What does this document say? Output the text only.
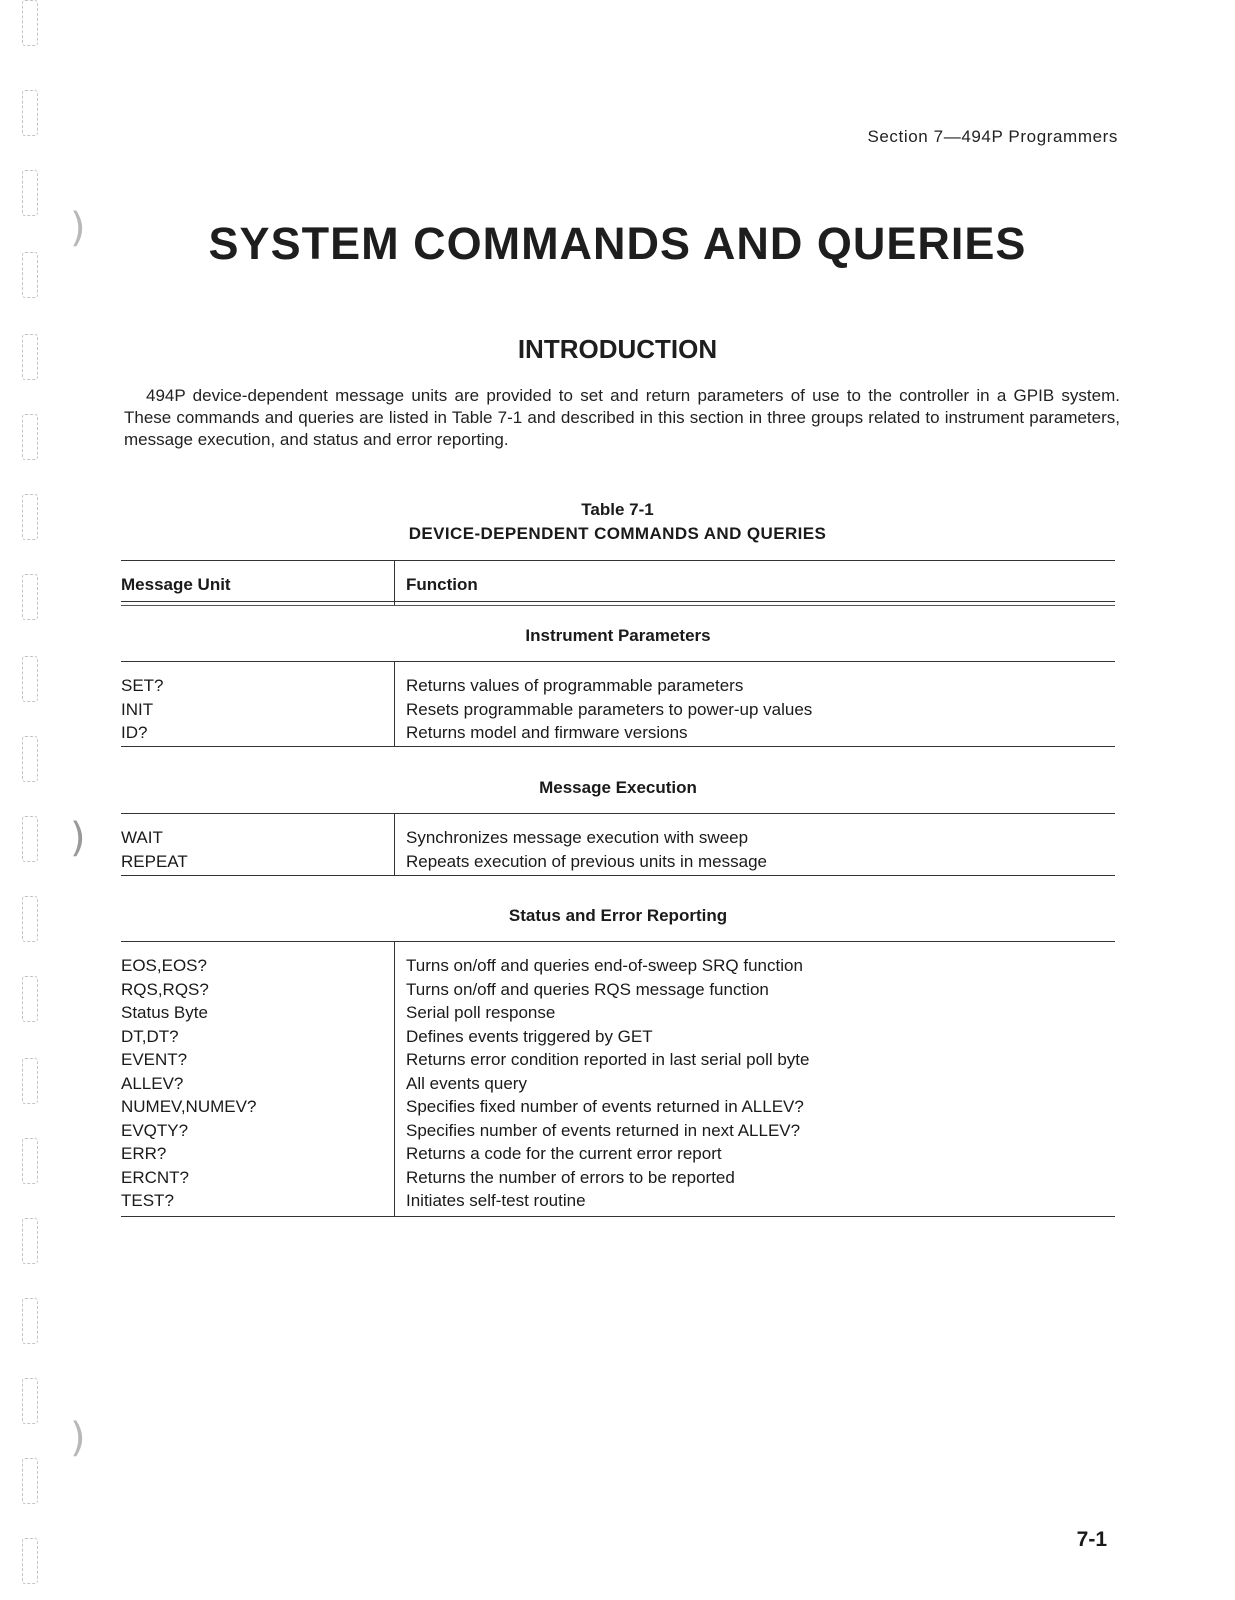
)
)
)
Section 7—494P Programmers
SYSTEM COMMANDS AND QUERIES
INTRODUCTION
494P device-dependent message units are provided to set and return parameters of use to the controller in a GPIB system. These commands and queries are listed in Table 7-1 and described in this section in three groups related to instrument parameters, message execution, and status and error reporting.
Table 7-1
DEVICE-DEPENDENT COMMANDS AND QUERIES
Message Unit	Function
Instrument Parameters
SET?	Returns values of programmable parameters
INIT	Resets programmable parameters to power-up values
ID?	Returns model and firmware versions
Message Execution
WAIT	Synchronizes message execution with sweep
REPEAT	Repeats execution of previous units in message
Status and Error Reporting
EOS,EOS?	Turns on/off and queries end-of-sweep SRQ function
RQS,RQS?	Turns on/off and queries RQS message function
Status Byte	Serial poll response
DT,DT?	Defines events triggered by GET
EVENT?	Returns error condition reported in last serial poll byte
ALLEV?	All events query
NUMEV,NUMEV?	Specifies fixed number of events returned in ALLEV?
EVQTY?	Specifies number of events returned in next ALLEV?
ERR?	Returns a code for the current error report
ERCNT?	Returns the number of errors to be reported
TEST?	Initiates self-test routine
7-1
